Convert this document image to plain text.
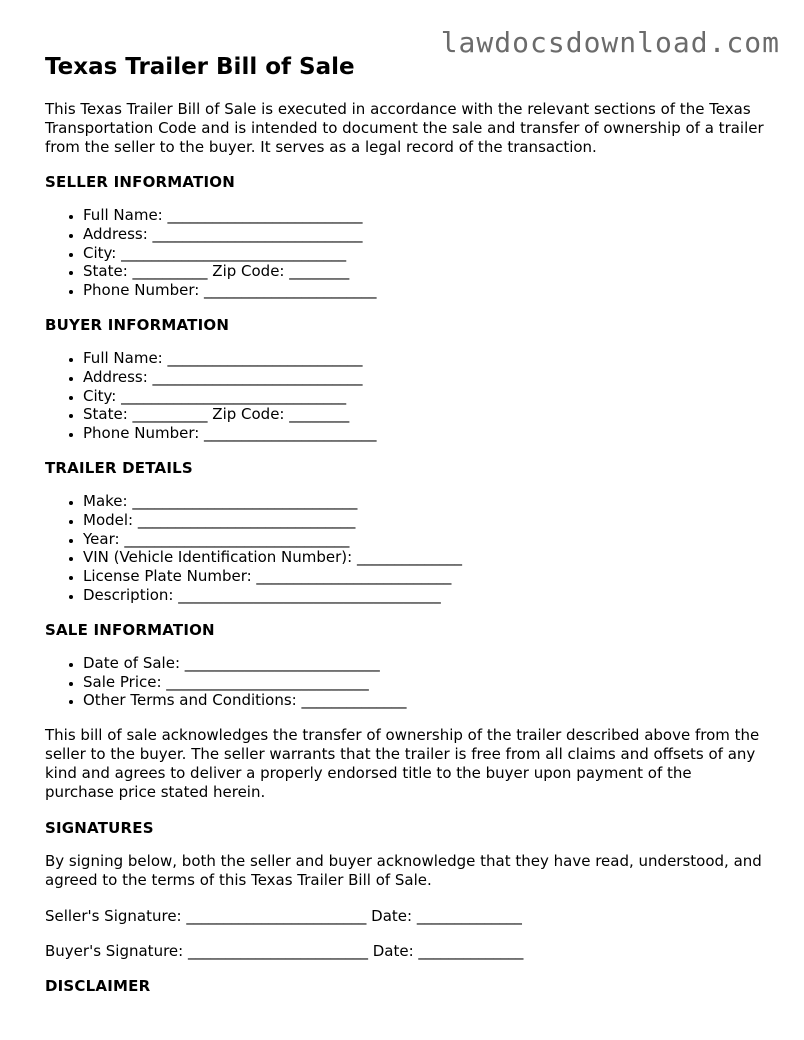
lawdocsdownload.com
Texas Trailer Bill of Sale

This Texas Trailer Bill of Sale is executed in accordance with the relevant sections of the Texas Transportation Code and is intended to document the sale and transfer of ownership of a trailer from the seller to the buyer. It serves as a legal record of the transaction.

SELLER INFORMATION
• Full Name: __________________________
• Address: ____________________________
• City: ______________________________
• State: __________ Zip Code: ________
• Phone Number: _______________________
BUYER INFORMATION
• Full Name: __________________________
• Address: ____________________________
• City: ______________________________
• State: __________ Zip Code: ________
• Phone Number: _______________________
TRAILER DETAILS
• Make: ______________________________
• Model: _____________________________
• Year: ______________________________
• VIN (Vehicle Identification Number): ______________
• License Plate Number: __________________________
• Description: ___________________________________
SALE INFORMATION
• Date of Sale: __________________________
• Sale Price: ___________________________
• Other Terms and Conditions: ______________

This bill of sale acknowledges the transfer of ownership of the trailer described above from the seller to the buyer. The seller warrants that the trailer is free from all claims and offsets of any kind and agrees to deliver a properly endorsed title to the buyer upon payment of the purchase price stated herein.

SIGNATURES

By signing below, both the seller and buyer acknowledge that they have read, understood, and agreed to the terms of this Texas Trailer Bill of Sale.

Seller's Signature: ________________________ Date: ______________
Buyer's Signature: ________________________ Date: ______________
DISCLAIMER
